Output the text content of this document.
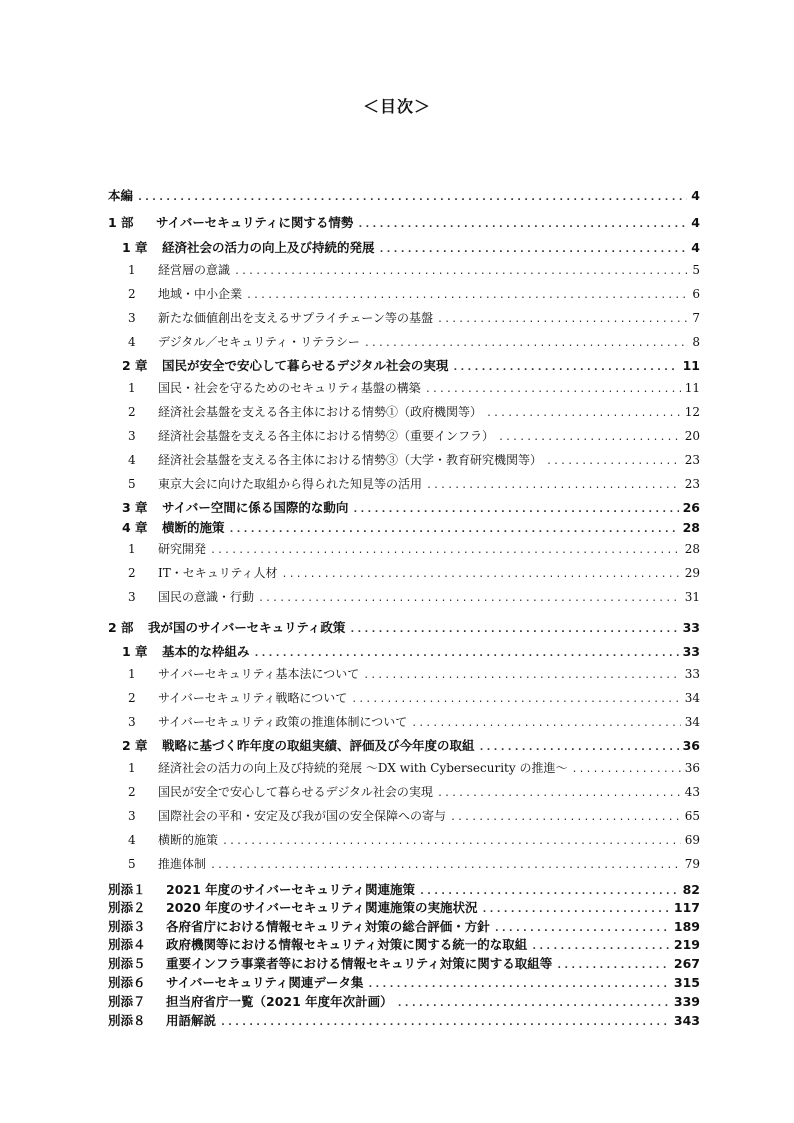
＜目次＞
本編 .....	4
1 部 サイバーセキュリティに関する情勢 .....	4
1 章 経済社会の活力の向上及び持続的発展 .....	4
1 経営層の意識 .....	5
2 地域・中小企業 .....	6
3 新たな価値創出を支えるサプライチェーン等の基盤 .....	7
4 デジタル／セキュリティ・リテラシー .....	8
2 章 国民が安全で安心して暮らせるデジタル社会の実現 .....	11
1 国民・社会を守るためのセキュリティ基盤の構築 .....	11
2 経済社会基盤を支える各主体における情勢①（政府機関等） .....	12
3 経済社会基盤を支える各主体における情勢②（重要インフラ） .....	20
4 経済社会基盤を支える各主体における情勢③（大学・教育研究機関等） .....	23
5 東京大会に向けた取組から得られた知見等の活用 .....	23
3 章 サイバー空間に係る国際的な動向 .....	26
4 章 横断的施策 .....	28
1 研究開発 .....	28
2 IT・セキュリティ人材 .....	29
3 国民の意識・行動 .....	31
2 部 我が国のサイバーセキュリティ政策 .....	33
1 章 基本的な枠組み .....	33
1 サイバーセキュリティ基本法について .....	33
2 サイバーセキュリティ戦略について .....	34
3 サイバーセキュリティ政策の推進体制について .....	34
2 章 戦略に基づく昨年度の取組実績、評価及び今年度の取組 .....	36
1 経済社会の活力の向上及び持続的発展 ～DX with Cybersecurity の推進～ .....	36
2 国民が安全で安心して暮らせるデジタル社会の実現 .....	43
3 国際社会の平和・安定及び我が国の安全保障への寄与 .....	65
4 横断的施策 .....	69
5 推進体制 .....	79
別添１ 2021 年度のサイバーセキュリティ関連施策 .....	82
別添２ 2020 年度のサイバーセキュリティ関連施策の実施状況 .....	117
別添３ 各府省庁における情報セキュリティ対策の総合評価・方針 .....	189
別添４ 政府機関等における情報セキュリティ対策に関する統一的な取組 .....	219
別添５ 重要インフラ事業者等における情報セキュリティ対策に関する取組等 .....	267
別添６ サイバーセキュリティ関連データ集 .....	315
別添７ 担当府省庁一覧（2021 年度年次計画） .....	339
別添８ 用語解説 .....	343
